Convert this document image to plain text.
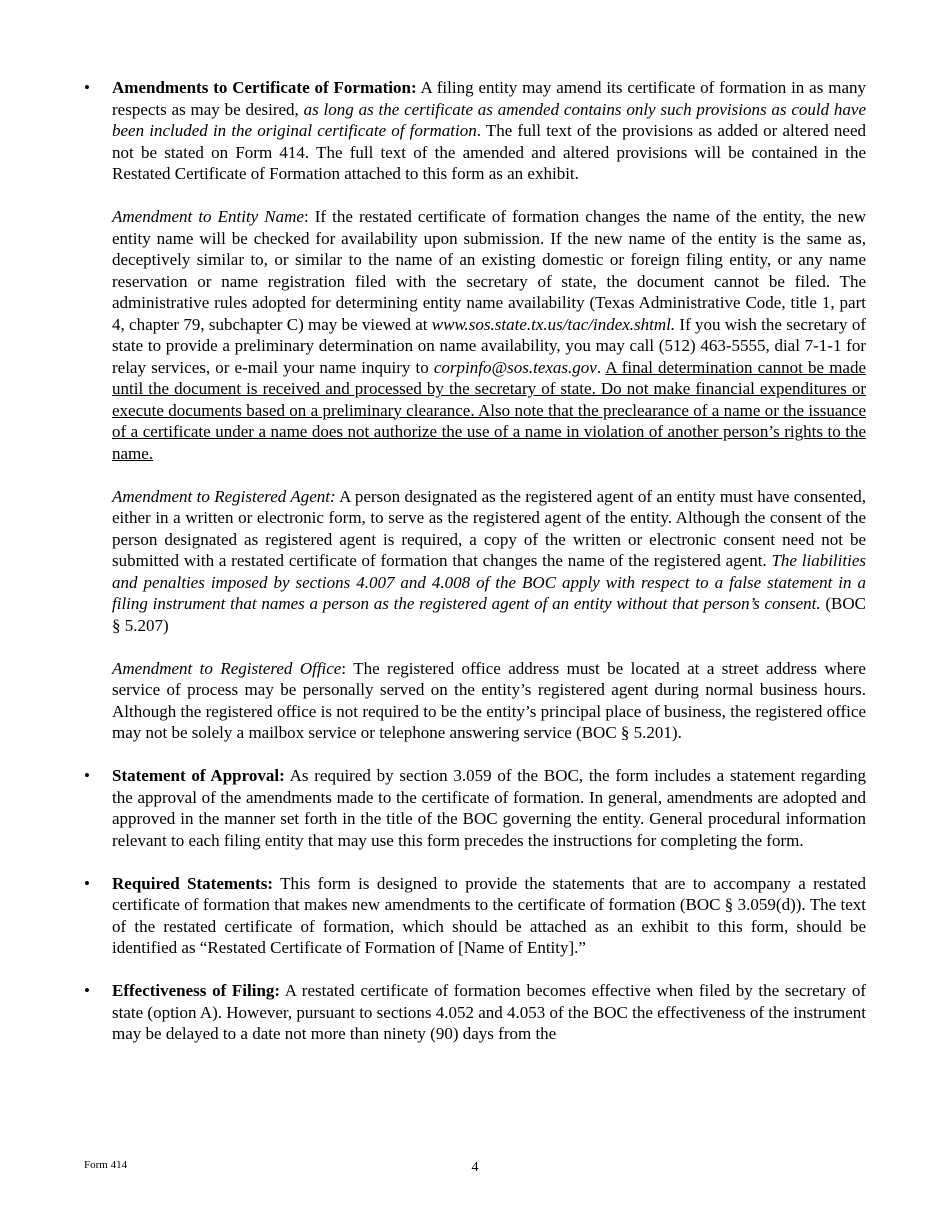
• Amendments to Certificate of Formation: A filing entity may amend its certificate of formation in as many respects as may be desired, as long as the certificate as amended contains only such provisions as could have been included in the original certificate of formation. The full text of the provisions as added or altered need not be stated on Form 414. The full text of the amended and altered provisions will be contained in the Restated Certificate of Formation attached to this form as an exhibit.

Amendment to Entity Name: If the restated certificate of formation changes the name of the entity, the new entity name will be checked for availability upon submission. If the new name of the entity is the same as, deceptively similar to, or similar to the name of an existing domestic or foreign filing entity, or any name reservation or name registration filed with the secretary of state, the document cannot be filed. The administrative rules adopted for determining entity name availability (Texas Administrative Code, title 1, part 4, chapter 79, subchapter C) may be viewed at www.sos.state.tx.us/tac/index.shtml. If you wish the secretary of state to provide a preliminary determination on name availability, you may call (512) 463-5555, dial 7-1-1 for relay services, or e-mail your name inquiry to corpinfo@sos.texas.gov. A final determination cannot be made until the document is received and processed by the secretary of state. Do not make financial expenditures or execute documents based on a preliminary clearance. Also note that the preclearance of a name or the issuance of a certificate under a name does not authorize the use of a name in violation of another person’s rights to the name.

Amendment to Registered Agent: A person designated as the registered agent of an entity must have consented, either in a written or electronic form, to serve as the registered agent of the entity. Although the consent of the person designated as registered agent is required, a copy of the written or electronic consent need not be submitted with a restated certificate of formation that changes the name of the registered agent. The liabilities and penalties imposed by sections 4.007 and 4.008 of the BOC apply with respect to a false statement in a filing instrument that names a person as the registered agent of an entity without that person’s consent. (BOC § 5.207)

Amendment to Registered Office: The registered office address must be located at a street address where service of process may be personally served on the entity’s registered agent during normal business hours. Although the registered office is not required to be the entity’s principal place of business, the registered office may not be solely a mailbox service or telephone answering service (BOC § 5.201).

• Statement of Approval: As required by section 3.059 of the BOC, the form includes a statement regarding the approval of the amendments made to the certificate of formation. In general, amendments are adopted and approved in the manner set forth in the title of the BOC governing the entity. General procedural information relevant to each filing entity that may use this form precedes the instructions for completing the form.

• Required Statements: This form is designed to provide the statements that are to accompany a restated certificate of formation that makes new amendments to the certificate of formation (BOC § 3.059(d)). The text of the restated certificate of formation, which should be attached as an exhibit to this form, should be identified as “Restated Certificate of Formation of [Name of Entity].”

• Effectiveness of Filing: A restated certificate of formation becomes effective when filed by the secretary of state (option A). However, pursuant to sections 4.052 and 4.053 of the BOC the effectiveness of the instrument may be delayed to a date not more than ninety (90) days from the

Form 414	4
